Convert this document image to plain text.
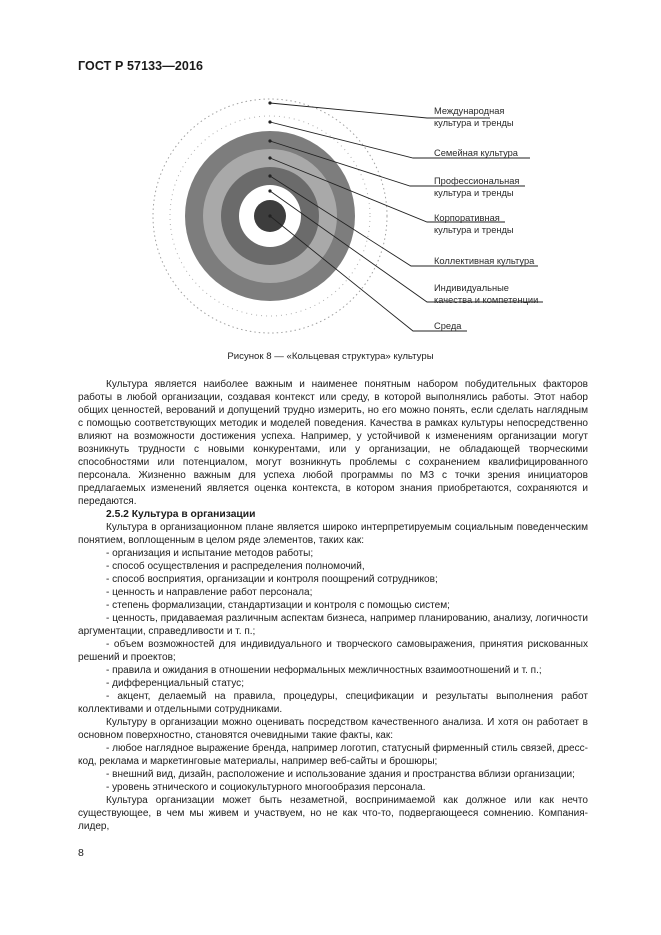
ГОСТ Р 57133—2016
Международная
культура и тренды
Семейная культура
Профессиональная
культура и тренды
Корпоративная
культура и тренды
Коллективная культура
Индивидуальные
качества и компетенции
Среда
Рисунок 8 — «Кольцевая структура» культуры

Культура является наиболее важным и наименее понятным набором побудительных факторов работы в любой организации, создавая контекст или среду, в которой выполнялись работы. Этот набор общих ценностей, верований и допущений трудно измерить, но его можно понять, если сделать наглядным с помощью соответствующих методик и моделей поведения. Качества в рамках культуры непосредственно влияют на возможности достижения успеха. Например, у устойчивой к изменениям организации могут возникнуть трудности с новыми конкурентами, или у организации, не обладающей творческими способностями или потенциалом, могут возникнуть проблемы с сохранением квалифицированного персонала. Жизненно важным для успеха любой программы по МЗ с точки зрения инициаторов предлагаемых изменений является оценка контекста, в котором знания приобретаются, сохраняются и передаются.

2.5.2 Культура в организации

Культура в организационном плане является широко интерпретируемым социальным поведенческим понятием, воплощенным в целом ряде элементов, таких как:

- организация и испытание методов работы;

- способ осуществления и распределения полномочий,

- способ восприятия, организации и контроля поощрений сотрудников;

- ценность и направление работ персонала;

- степень формализации, стандартизации и контроля с помощью систем;

- ценность, придаваемая различным аспектам бизнеса, например планированию, анализу, логичности аргументации, справедливости и т. п.;

- объем возможностей для индивидуального и творческого самовыражения, принятия рискованных решений и проектов;

- правила и ожидания в отношении неформальных межличностных взаимоотношений и т. п.;

- дифференциальный статус;

- акцент, делаемый на правила, процедуры, спецификации и результаты выполнения работ коллективами и отдельными сотрудниками.

Культуру в организации можно оценивать посредством качественного анализа. И хотя он работает в основном поверхностно, становятся очевидными такие факты, как:

- любое наглядное выражение бренда, например логотип, статусный фирменный стиль связей, дресс-код, реклама и маркетинговые материалы, например веб-сайты и брошюры;

- внешний вид, дизайн, расположение и использование здания и пространства вблизи организации;

- уровень этнического и социокультурного многообразия персонала.

Культура организации может быть незаметной, воспринимаемой как должное или как нечто существующее, в чем мы живем и участвуем, но не как что-то, подвергающееся сомнению. Компания-лидер,

8
